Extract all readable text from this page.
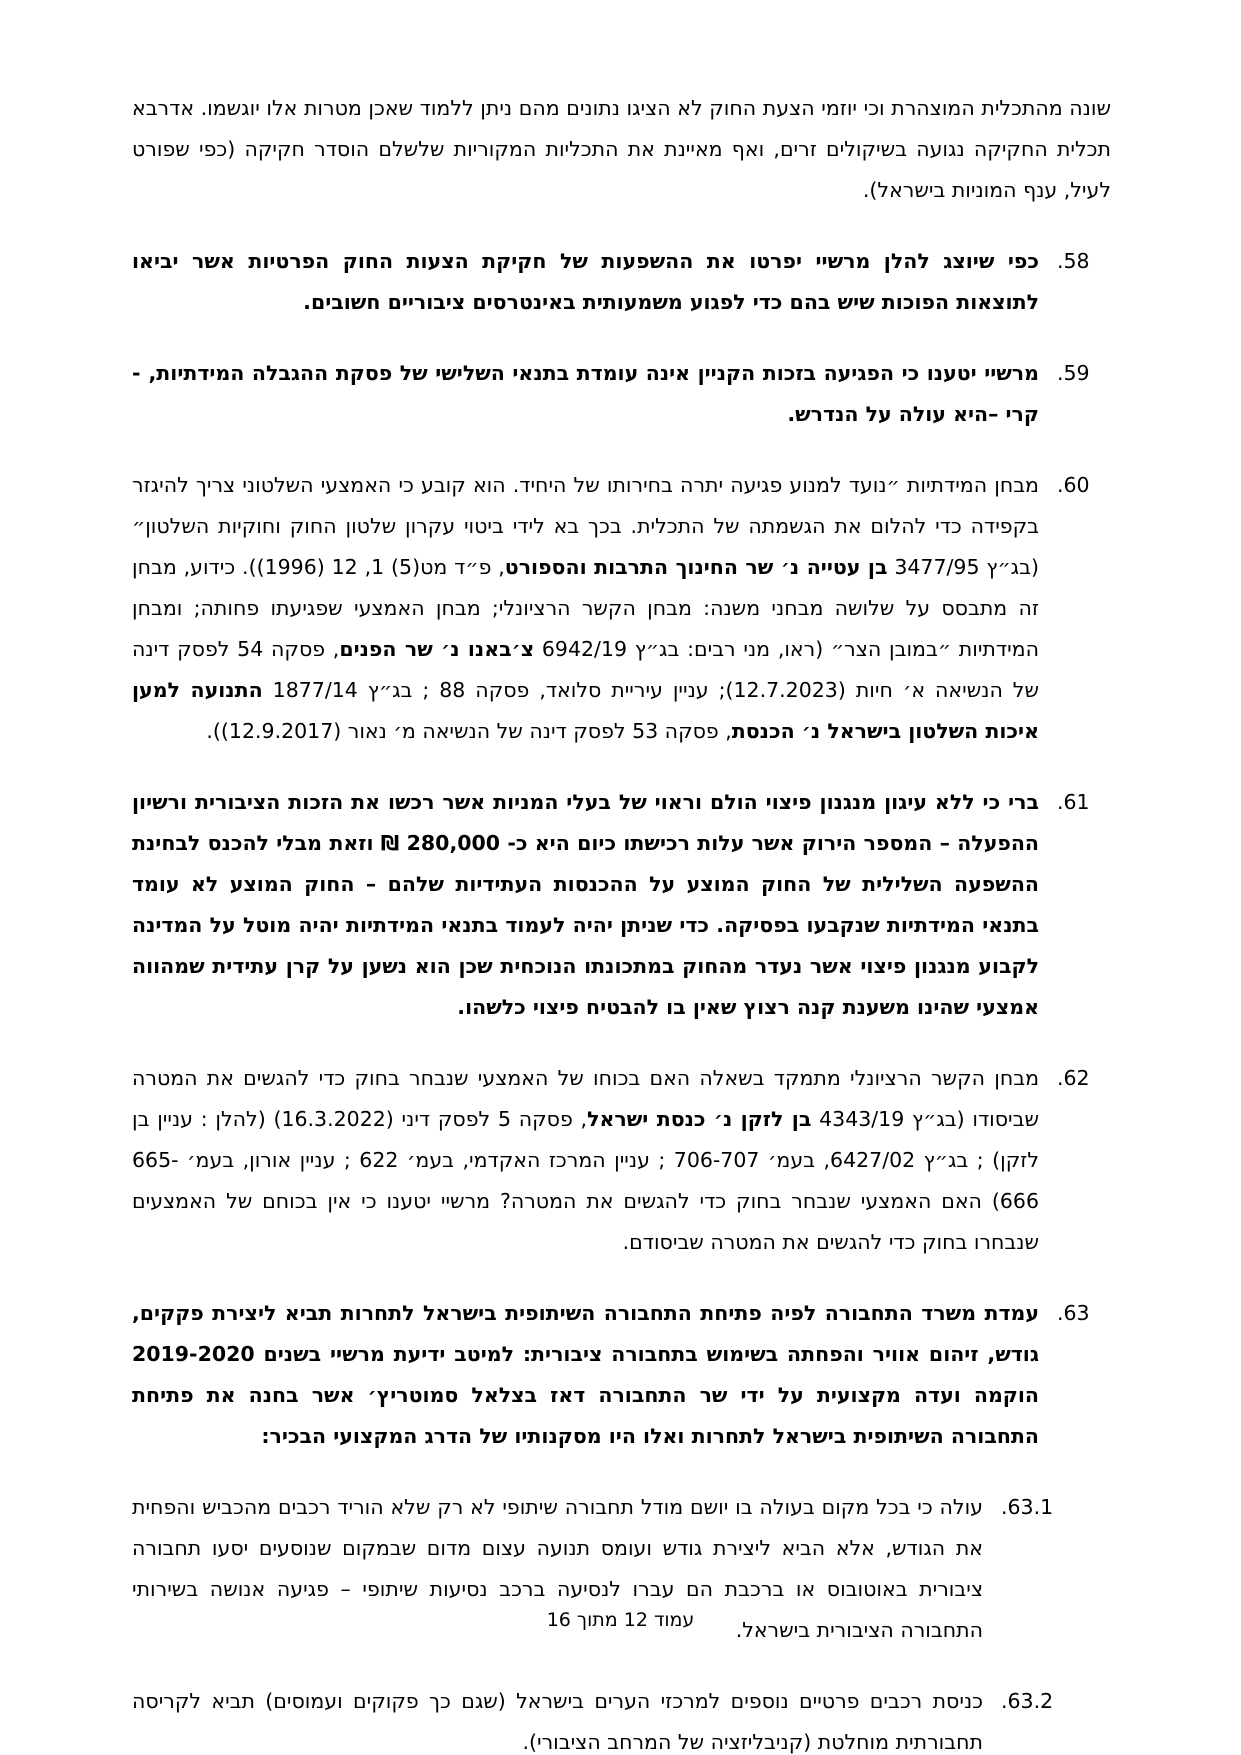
שונה מהתכלית המוצהרת וכי יוזמי הצעת החוק לא הציגו נתונים מהם ניתן ללמוד שאכן מטרות אלו יוגשמו. אדרבא תכלית החקיקה נגועה בשיקולים זרים, ואף מאיינת את התכליות המקוריות שלשלם הוסדר חקיקה (כפי שפורט לעיל, ענף המוניות בישראל).

.58
כפי שיוצג להלן מרשיי יפרטו את ההשפעות של חקיקת הצעות החוק הפרטיות אשר יביאו לתוצאות הפוכות שיש בהם כדי לפגוע משמעותית באינטרסים ציבוריים חשובים.
.59
- מרשיי יטענו כי הפגיעה בזכות הקניין אינה עומדת בתנאי השלישי של פסקת ההגבלה המידתיות, קרי –היא עולה על הנדרש.
.60
מבחן המידתיות ״נועד למנוע פגיעה יתרה בחירותו של היחיד. הוא קובע כי האמצעי השלטוני צריך להיגזר בקפידה כדי להלום את הגשמתה של התכלית. בכך בא לידי ביטוי עקרון שלטון החוק וחוקיות השלטון״ (בג״ץ 3477/95 בן עטייה נ׳ שר החינוך התרבות והספורט, פ״ד מט(5) 1, 12 (1996)). כידוע, מבחן זה מתבסס על שלושה מבחני משנה: מבחן הקשר הרציונלי; מבחן האמצעי שפגיעתו פחותה; ומבחן המידתיות ״במובן הצר״ (ראו, מני רבים: בג״ץ 6942/19 צ׳באנו נ׳ שר הפנים, פסקה 54 לפסק דינה של הנשיאה א׳ חיות (12.7.2023); עניין עיריית סלואד, פסקה 88 ; בג״ץ 1877/14 התנועה למען איכות השלטון בישראל נ׳ הכנסת, פסקה 53 לפסק דינה של הנשיאה מ׳ נאור (12.9.2017)).
.61
ברי כי ללא עיגון מנגנון פיצוי הולם וראוי של בעלי המניות אשר רכשו את הזכות הציבורית ורשיון ההפעלה – המספר הירוק אשר עלות רכישתו כיום היא כ- 280,000 ₪ וזאת מבלי להכנס לבחינת ההשפעה השלילית של החוק המוצע על ההכנסות העתידיות שלהם – החוק המוצע לא עומד בתנאי המידתיות שנקבעו בפסיקה. כדי שניתן יהיה לעמוד בתנאי המידתיות יהיה מוטל על המדינה לקבוע מנגנון פיצוי אשר נעדר מהחוק במתכונתו הנוכחית שכן הוא נשען על קרן עתידית שמהווה אמצעי שהינו משענת קנה רצוץ שאין בו להבטיח פיצוי כלשהו.
.62
מבחן הקשר הרציונלי מתמקד בשאלה האם בכוחו של האמצעי שנבחר בחוק כדי להגשים את המטרה שביסודו (בג״ץ 4343/19 בן לזקן נ׳ כנסת ישראל, פסקה 5 לפסק דיני (16.3.2022) (להלן : עניין בן לזקן) ; בג״ץ 6427/02, בעמ׳ 706-707 ; עניין המרכז האקדמי, בעמ׳ 622 ; עניין אורון, בעמ׳ 665-666) האם האמצעי שנבחר בחוק כדי להגשים את המטרה? מרשיי יטענו כי אין בכוחם של האמצעים שנבחרו בחוק כדי להגשים את המטרה שביסודם.
.63
עמדת משרד התחבורה לפיה פתיחת התחבורה השיתופית בישראל לתחרות תביא ליצירת פקקים, גודש, זיהום אוויר והפחתה בשימוש בתחבורה ציבורית: למיטב ידיעת מרשיי בשנים 2019-2020 הוקמה ועדה מקצועית על ידי שר התחבורה דאז בצלאל סמוטריץ׳ אשר בחנה את פתיחת התחבורה השיתופית בישראל לתחרות ואלו היו מסקנותיו של הדרג המקצועי הבכיר:
.63.1
עולה כי בכל מקום בעולה בו יושם מודל תחבורה שיתופי לא רק שלא הוריד רכבים מהכביש והפחית את הגודש, אלא הביא ליצירת גודש ועומס תנועה עצום מדום שבמקום שנוסעים יסעו תחבורה ציבורית באוטובוס או ברכבת הם עברו לנסיעה ברכב נסיעות שיתופי – פגיעה אנושה בשירותי התחבורה הציבורית בישראל.
.63.2
כניסת רכבים פרטיים נוספים למרכזי הערים בישראל (שגם כך פקוקים ועמוסים) תביא לקריסה תחבורתית מוחלטת (קניבליזציה של המרחב הציבורי).
עמוד 12 מתוך 16
